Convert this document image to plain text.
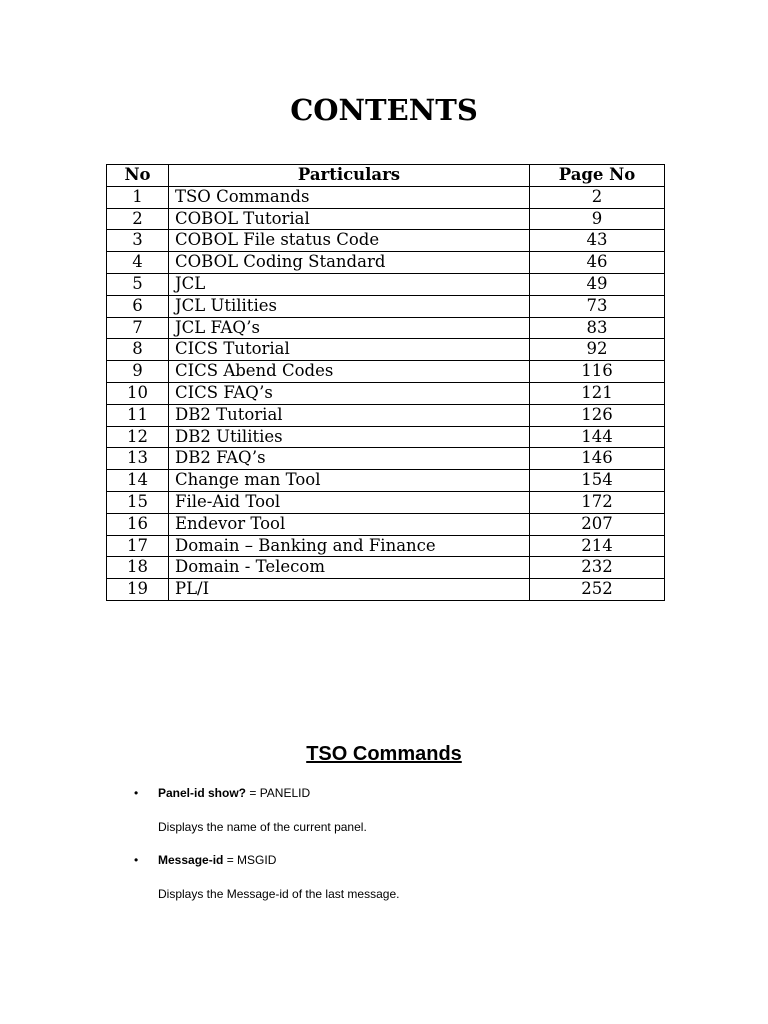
CONTENTS
No	Particulars	Page No
1	TSO Commands	2
2	COBOL Tutorial	9
3	COBOL File status Code	43
4	COBOL Coding Standard	46
5	JCL	49
6	JCL Utilities	73
7	JCL FAQ’s	83
8	CICS Tutorial	92
9	CICS Abend Codes	116
10	CICS FAQ’s	121
11	DB2 Tutorial	126
12	DB2 Utilities	144
13	DB2 FAQ’s	146
14	Change man Tool	154
15	File-Aid Tool	172
16	Endevor Tool	207
17	Domain – Banking and Finance	214
18	Domain - Telecom	232
19	PL/I	252
TSO Commands
• Panel-id show? = PANELID
Displays the name of the current panel.
• Message-id = MSGID
Displays the Message-id of the last message.
